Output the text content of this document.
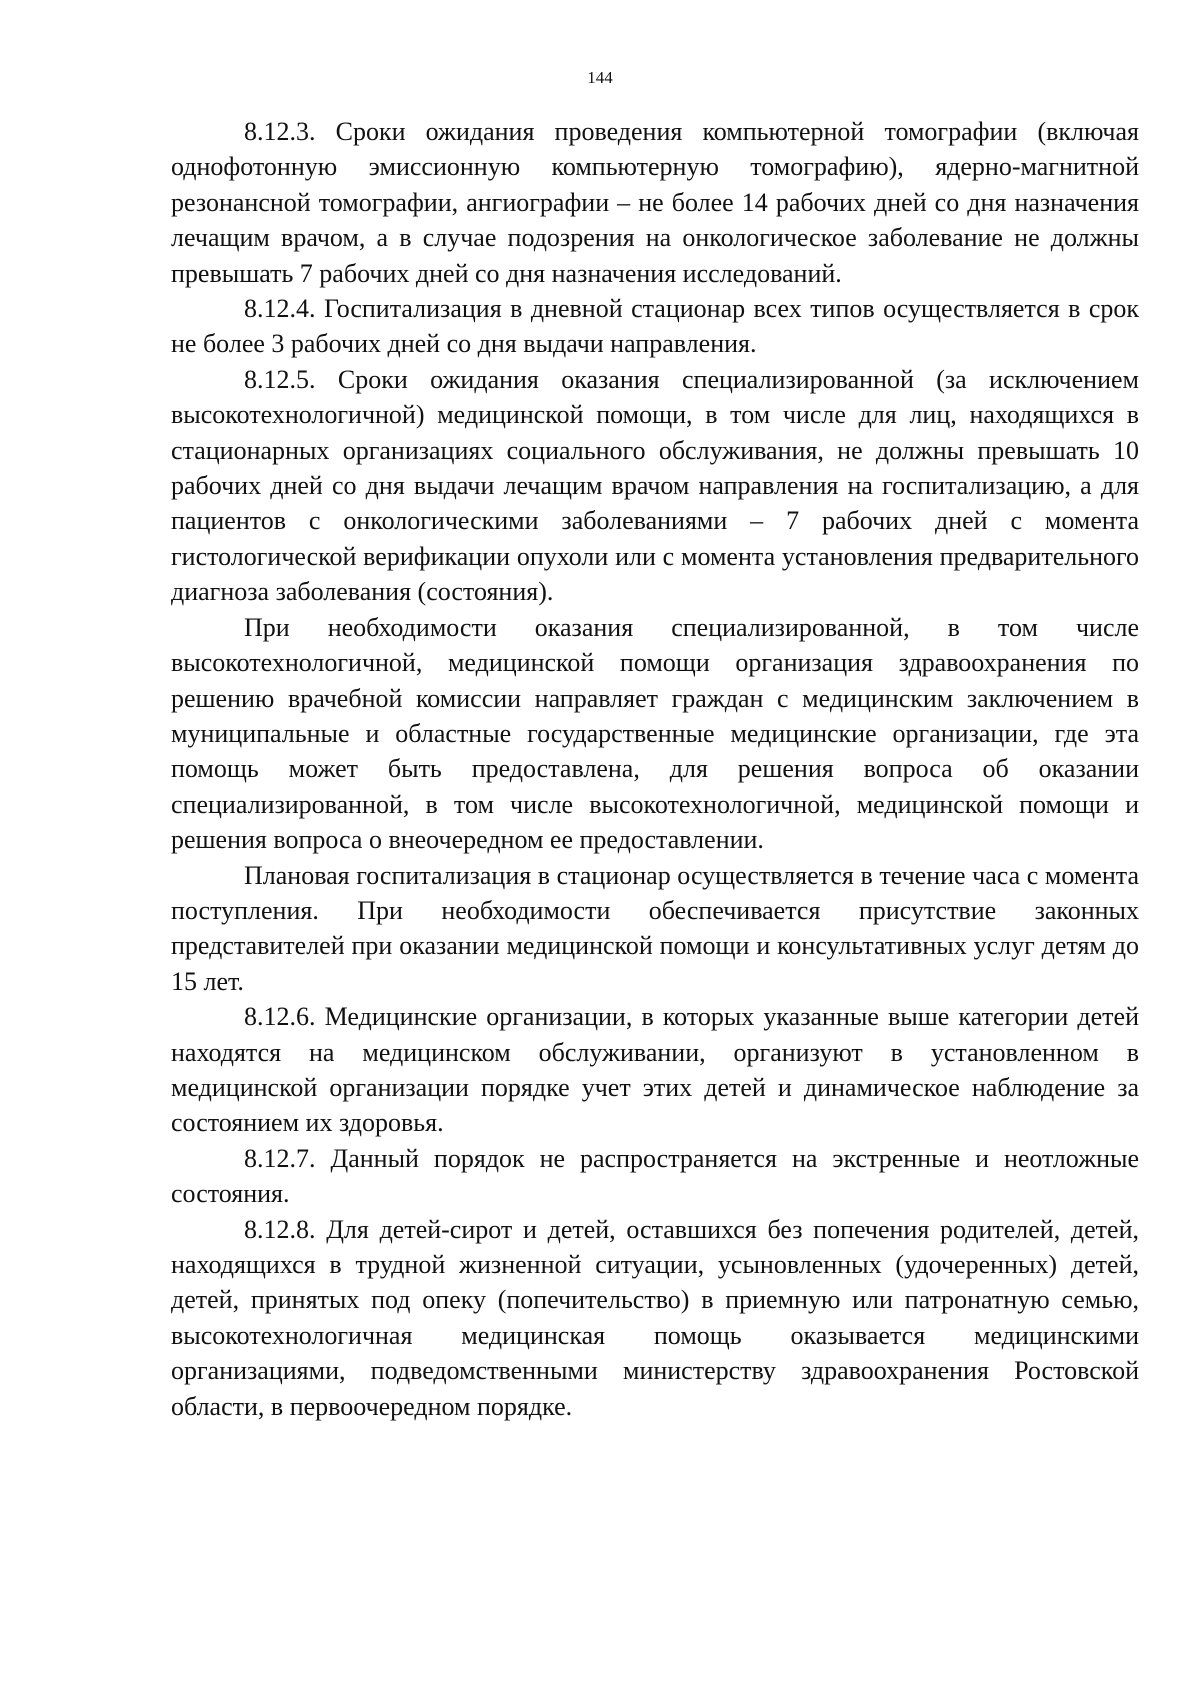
144

8.12.3. Сроки ожидания проведения компьютерной томографии (включая однофотонную эмиссионную компьютерную томографию), ядерно-магнитной резонансной томографии, ангиографии – не более 14 рабочих дней со дня назначения лечащим врачом, а в случае подозрения на онкологическое заболевание не должны превышать 7 рабочих дней со дня назначения исследований.

8.12.4. Госпитализация в дневной стационар всех типов осуществляется в срок не более 3 рабочих дней со дня выдачи направления.

8.12.5. Сроки ожидания оказания специализированной (за исключением высокотехнологичной) медицинской помощи, в том числе для лиц, находящихся в стационарных организациях социального обслуживания, не должны превышать 10 рабочих дней со дня выдачи лечащим врачом направления на госпитализацию, а для пациентов с онкологическими заболеваниями – 7 рабочих дней с момента гистологической верификации опухоли или с момента установления предварительного диагноза заболевания (состояния).

При необходимости оказания специализированной, в том числе высокотехнологичной, медицинской помощи организация здравоохранения по решению врачебной комиссии направляет граждан с медицинским заключением в муниципальные и областные государственные медицинские организации, где эта помощь может быть предоставлена, для решения вопроса об оказании специализированной, в том числе высокотехнологичной, медицинской помощи и решения вопроса о внеочередном ее предоставлении.

Плановая госпитализация в стационар осуществляется в течение часа с момента поступления. При необходимости обеспечивается присутствие законных представителей при оказании медицинской помощи и консультативных услуг детям до 15 лет.

8.12.6. Медицинские организации, в которых указанные выше категории детей находятся на медицинском обслуживании, организуют в установленном в медицинской организации порядке учет этих детей и динамическое наблюдение за состоянием их здоровья.

8.12.7. Данный порядок не распространяется на экстренные и неотложные состояния.

8.12.8. Для детей-сирот и детей, оставшихся без попечения родителей, детей, находящихся в трудной жизненной ситуации, усыновленных (удочеренных) детей, детей, принятых под опеку (попечительство) в приемную или патронатную семью, высокотехнологичная медицинская помощь оказывается медицинскими организациями, подведомственными министерству здравоохранения Ростовской области, в первоочередном порядке.
